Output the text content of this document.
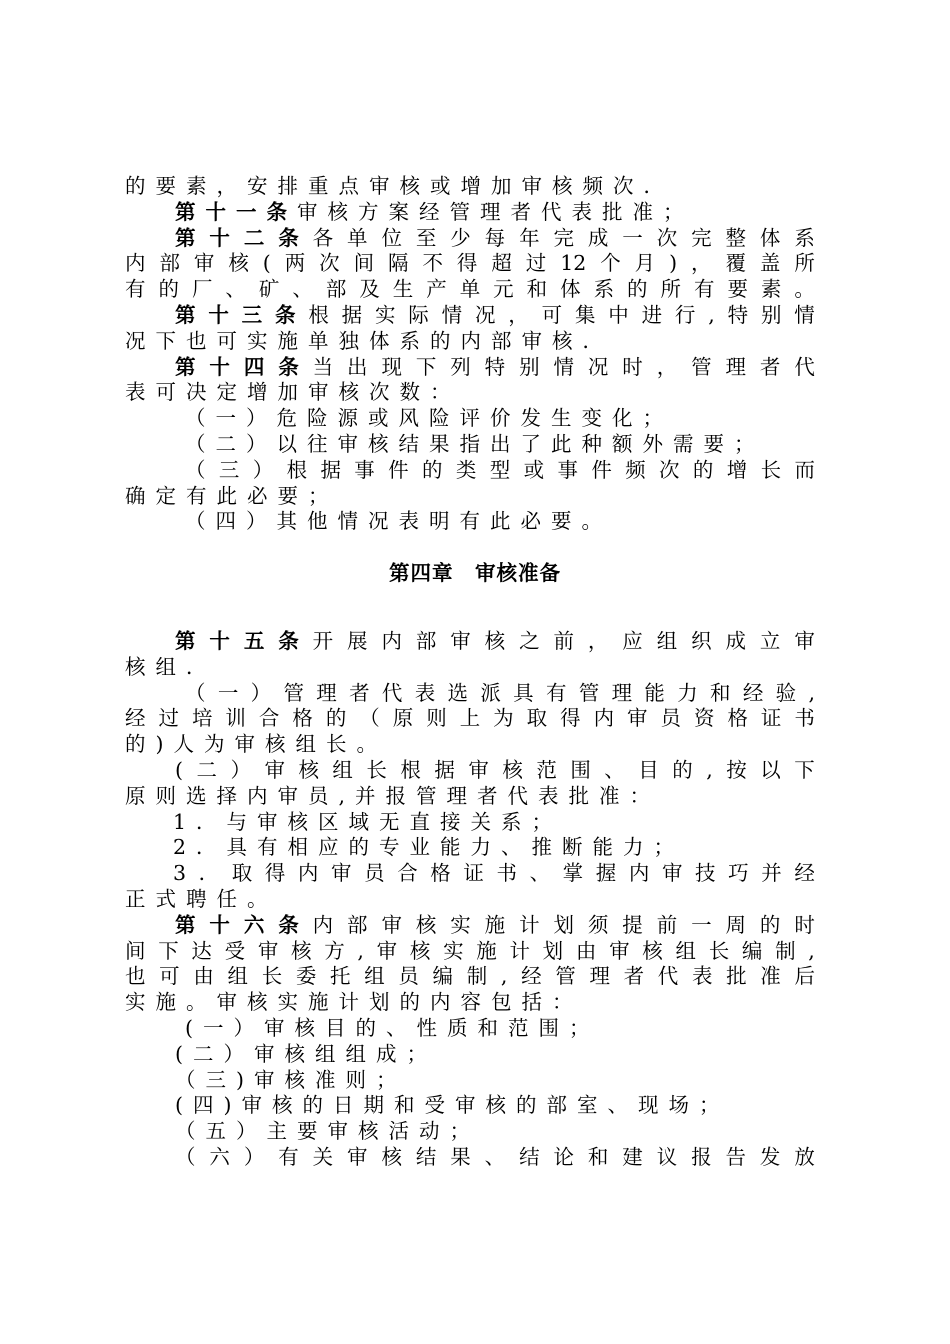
的要素，安排重点审核或增加审核频次．
第十一条审核方案经管理者代表批准；
第 十 二 条 各 单 位 至 少 每 年 完 成 一 次 完 整 体 系
内 部 审 核 ( 两 次 间 隔 不 得 超 过 12 个 月 ) ， 覆 盖 所
有 的 厂 、 矿 、 部 及 生 产 单 元 和 体 系 的 所 有 要 素 。
第 十 三 条 根 据 实 际 情 况 ， 可 集 中 进 行 , 特 别 情
况下也可实施单独体系的内部审核．
第 十 四 条 当 出 现 下 列 特 别 情 况 时 ， 管 理 者 代
表可决定增加审核次数：
（一）危险源或风险评价发生变化；
（二）以往审核结果指出了此种额外需要；
（ 三 ） 根 据 事 件 的 类 型 或 事 件 频 次 的 增 长 而
确定有此必要；
（四）其他情况表明有此必要。
第四章　审核准备
第 十 五 条 开 展 内 部 审 核 之 前 ， 应 组 织 成 立 审
核组．
（ 一 ） 管 理 者 代 表 选 派 具 有 管 理 能 力 和 经 验 ,
经 过 培 训 合 格 的 （ 原 则 上 为 取 得 内 审 员 资 格 证 书
的)人为审核组长。
( 二 ） 审 核 组 长 根 据 审 核 范 围 、 目 的 , 按 以 下
原则选择内审员,并报管理者代表批准：
1．与审核区域无直接关系；
2．具有相应的专业能力、推断能力；
3 ． 取 得 内 审 员 合 格 证 书 、 掌 握 内 审 技 巧 并 经
正式聘任。
第 十 六 条 内 部 审 核 实 施 计 划 须 提 前 一 周 的 时
间 下 达 受 审 核 方 , 审 核 实 施 计 划 由 审 核 组 长 编 制 ,
也 可 由 组 长 委 托 组 员 编 制 , 经 管 理 者 代 表 批 准 后
实施。审核实施计划的内容包括：
(一）审核目的、性质和范围；
(二）审核组组成；
（三)审核准则；
(四)审核的日期和受审核的部室、现场；
（五）主要审核活动；
（ 六 ） 有 关 审 核 结 果 、 结 论 和 建 议 报 告 发 放
